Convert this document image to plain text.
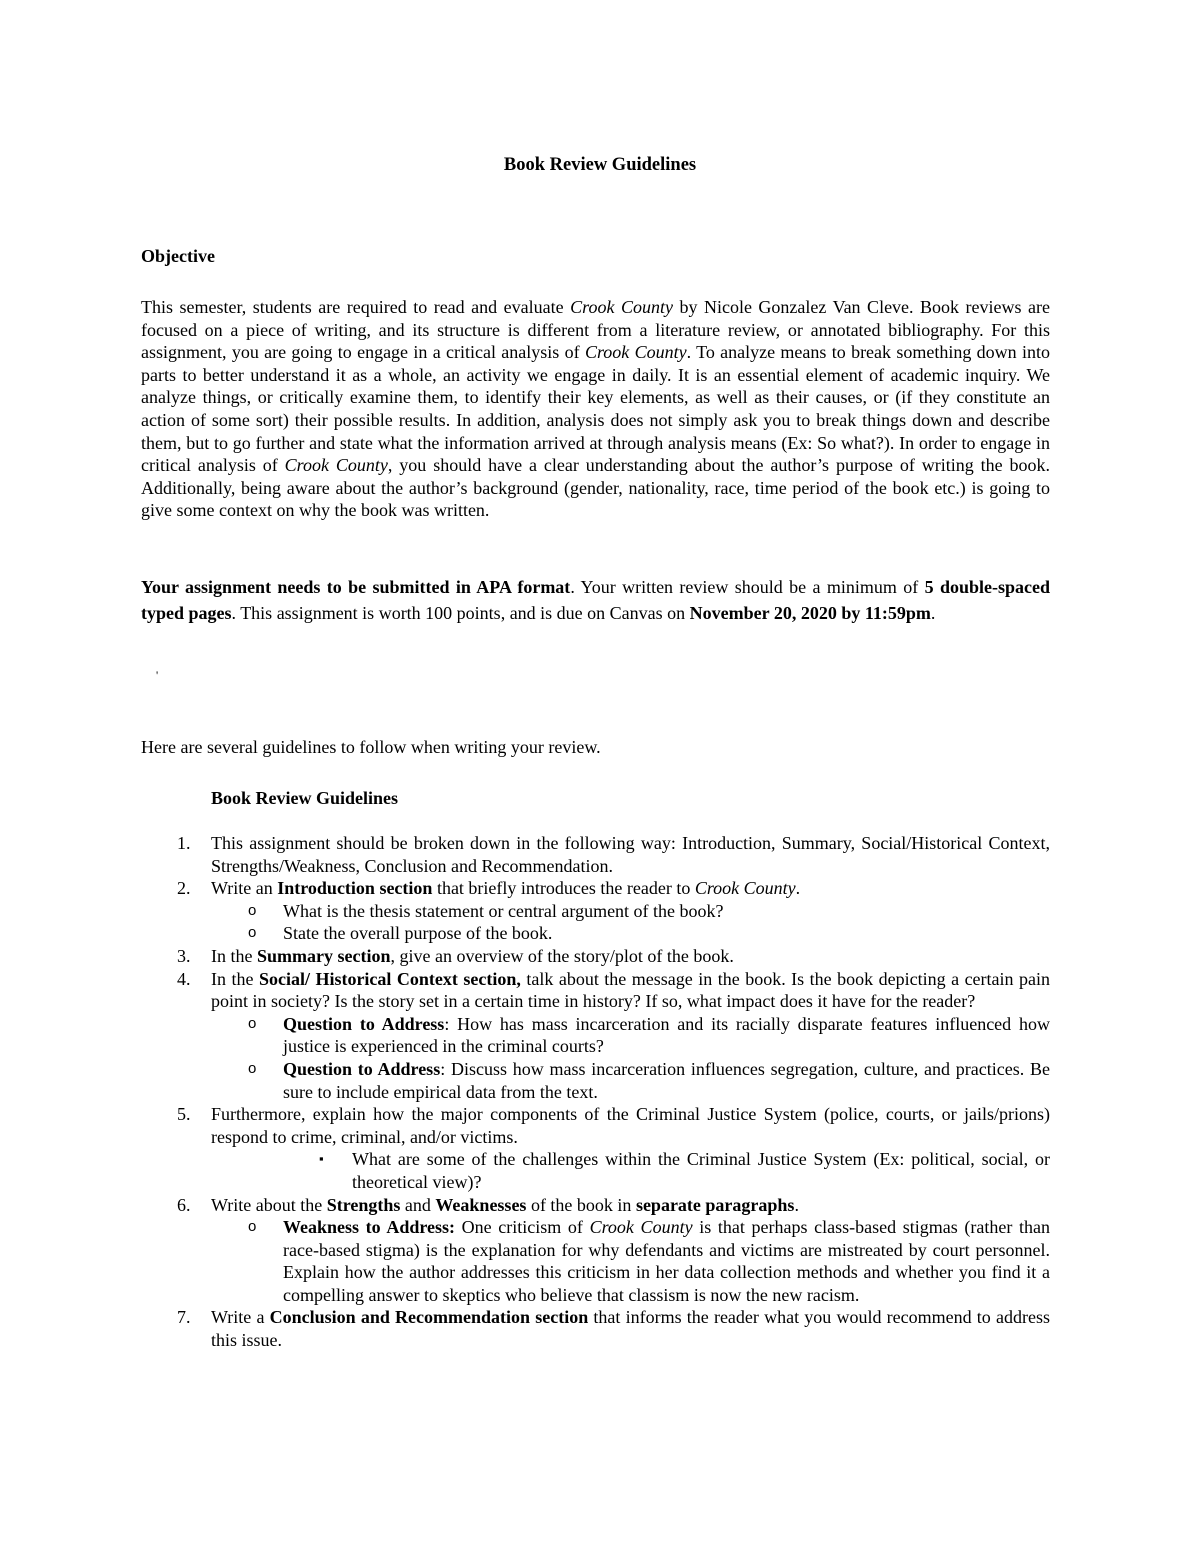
Book Review Guidelines
Objective
This semester, students are required to read and evaluate Crook County by Nicole Gonzalez Van Cleve. Book reviews are focused on a piece of writing, and its structure is different from a literature review, or annotated bibliography. For this assignment, you are going to engage in a critical analysis of Crook County. To analyze means to break something down into parts to better understand it as a whole, an activity we engage in daily. It is an essential element of academic inquiry. We analyze things, or critically examine them, to identify their key elements, as well as their causes, or (if they constitute an action of some sort) their possible results. In addition, analysis does not simply ask you to break things down and describe them, but to go further and state what the information arrived at through analysis means (Ex: So what?). In order to engage in critical analysis of Crook County, you should have a clear understanding about the author’s purpose of writing the book. Additionally, being aware about the author’s background (gender, nationality, race, time period of the book etc.) is going to give some context on why the book was written.
Your assignment needs to be submitted in APA format. Your written review should be a minimum of 5 double-spaced typed pages. This assignment is worth 100 points, and is due on Canvas on November 20, 2020 by 11:59pm.
'
Here are several guidelines to follow when writing your review.
Book Review Guidelines
1.	This assignment should be broken down in the following way: Introduction, Summary, Social/Historical Context, Strengths/Weakness, Conclusion and Recommendation.
2.	Write an Introduction section that briefly introduces the reader to Crook County.
o What is the thesis statement or central argument of the book?
o State the overall purpose of the book.
3.	In the Summary section, give an overview of the story/plot of the book.
4.	In the Social/ Historical Context section, talk about the message in the book. Is the book depicting a certain pain point in society? Is the story set in a certain time in history? If so, what impact does it have for the reader?
o Question to Address: How has mass incarceration and its racially disparate features influenced how justice is experienced in the criminal courts?
o Question to Address: Discuss how mass incarceration influences segregation, culture, and practices. Be sure to include empirical data from the text.
5.	Furthermore, explain how the major components of the Criminal Justice System (police, courts, or jails/prions) respond to crime, criminal, and/or victims.
▪ What are some of the challenges within the Criminal Justice System (Ex: political, social, or theoretical view)?
6.	Write about the Strengths and Weaknesses of the book in separate paragraphs.
o Weakness to Address: One criticism of Crook County is that perhaps class-based stigmas (rather than race-based stigma) is the explanation for why defendants and victims are mistreated by court personnel. Explain how the author addresses this criticism in her data collection methods and whether you find it a compelling answer to skeptics who believe that classism is now the new racism.
7.	Write a Conclusion and Recommendation section that informs the reader what you would recommend to address this issue.
